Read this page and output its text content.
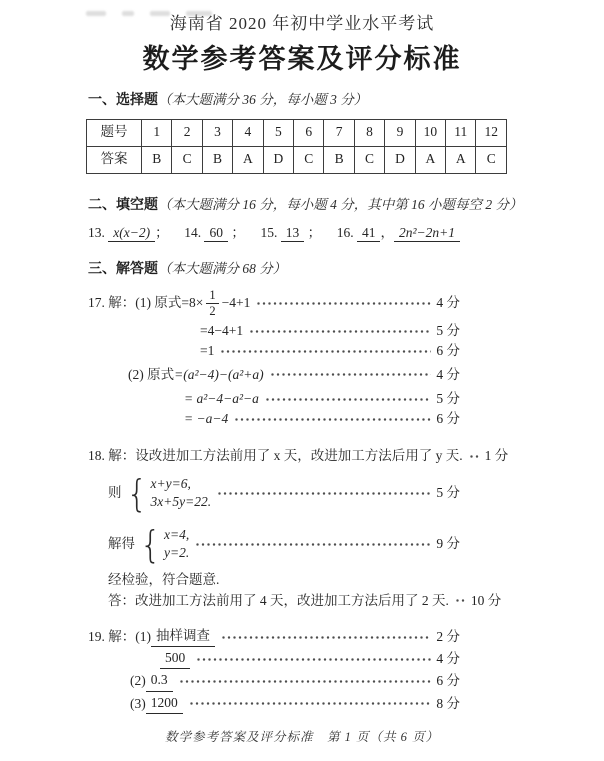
海南省 2020 年初中学业水平考试
数学参考答案及评分标准
一、选择题（本大题满分 36 分，每小题 3 分）
题号	1	2	3	4	5	6	7	8	9	10	11	12
答案	B	C	B	A	D	C	B	C	D	A	A	C
二、填空题（本大题满分 16 分，每小题 4 分，其中第 16 小题每空 2 分）
13. x(x−2) ； 14. 60 ； 15. 13 ； 16. 41 ， 2n²−2n+1
三、解答题（本大题满分 68 分）
17. 解：(1) 原式$=8\times \frac{1}{2} -4+1$	4 分
=4−4+1	5 分
=1	6 分
(2) 原式 =(a²−4)−(a²+a)	4 分
= a²−4−a²−a	5 分
= −a−4	6 分
18. 解：设改进加工方法前用了 x 天，改进加工方法后用了 y 天. 1 分
则 { x+y=6,
3x+5y=22.
5 分
解得 { x=4,
y=2.
9 分
经检验，符合题意.
答：改进加工方法前用了 4 天，改进加工方法后用了 2 天. 10 分
19. 解：(1) 抽样调查	2 分
500	4 分
(2) 0.3	6 分
(3) 1200	8 分
数学参考答案及评分标准　第 1 页（共 6 页）
